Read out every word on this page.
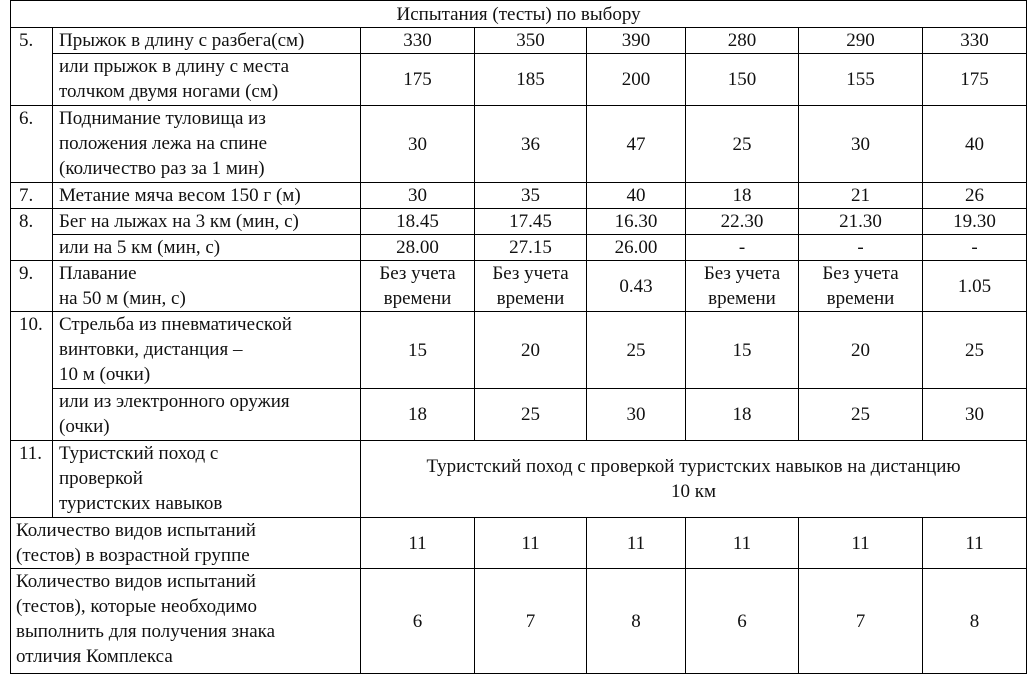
Испытания (тесты) по выбору							
5.	Прыжок в длину с разбега(см)	330	350	390	280	290	330

	или прыжок в длину с места
толчком двумя ногами (см)	175	185	200	150	155	175
6.	Поднимание туловища из
положения лежа на спине
(количество раз за 1 мин)	30	36	47	25	30	40
7.	Метание мяча весом 150 г (м)	30	35	40	18	21	26
8.	Бег на лыжах на 3 км (мин, с)	18.45	17.45	16.30	22.30	21.30	19.30

	или на 5 км (мин, с)	28.00	27.15	26.00	-	-	-
9.	Плавание
на 50 м (мин, с)	Без учета
времени	Без учета
времени	0.43	Без учета
времени	Без учета
времени	1.05
10.	Стрельба из пневматической
винтовки, дистанция –
10 м (очки)	15	20	25	15	20	25

	или из электронного оружия
(очки)	18	25	30	18	25	30
11.	Туристский поход с
проверкой
туристских навыков	Туристский поход с проверкой туристских навыков на дистанцию
10 км					

Количество видов испытаний
(тестов) в возрастной группе		11	11	11	11	11	11

Количество видов испытаний
(тестов), которые необходимо
выполнить для получения знака
отличия Комплекса		6	7	8	6	7	8
